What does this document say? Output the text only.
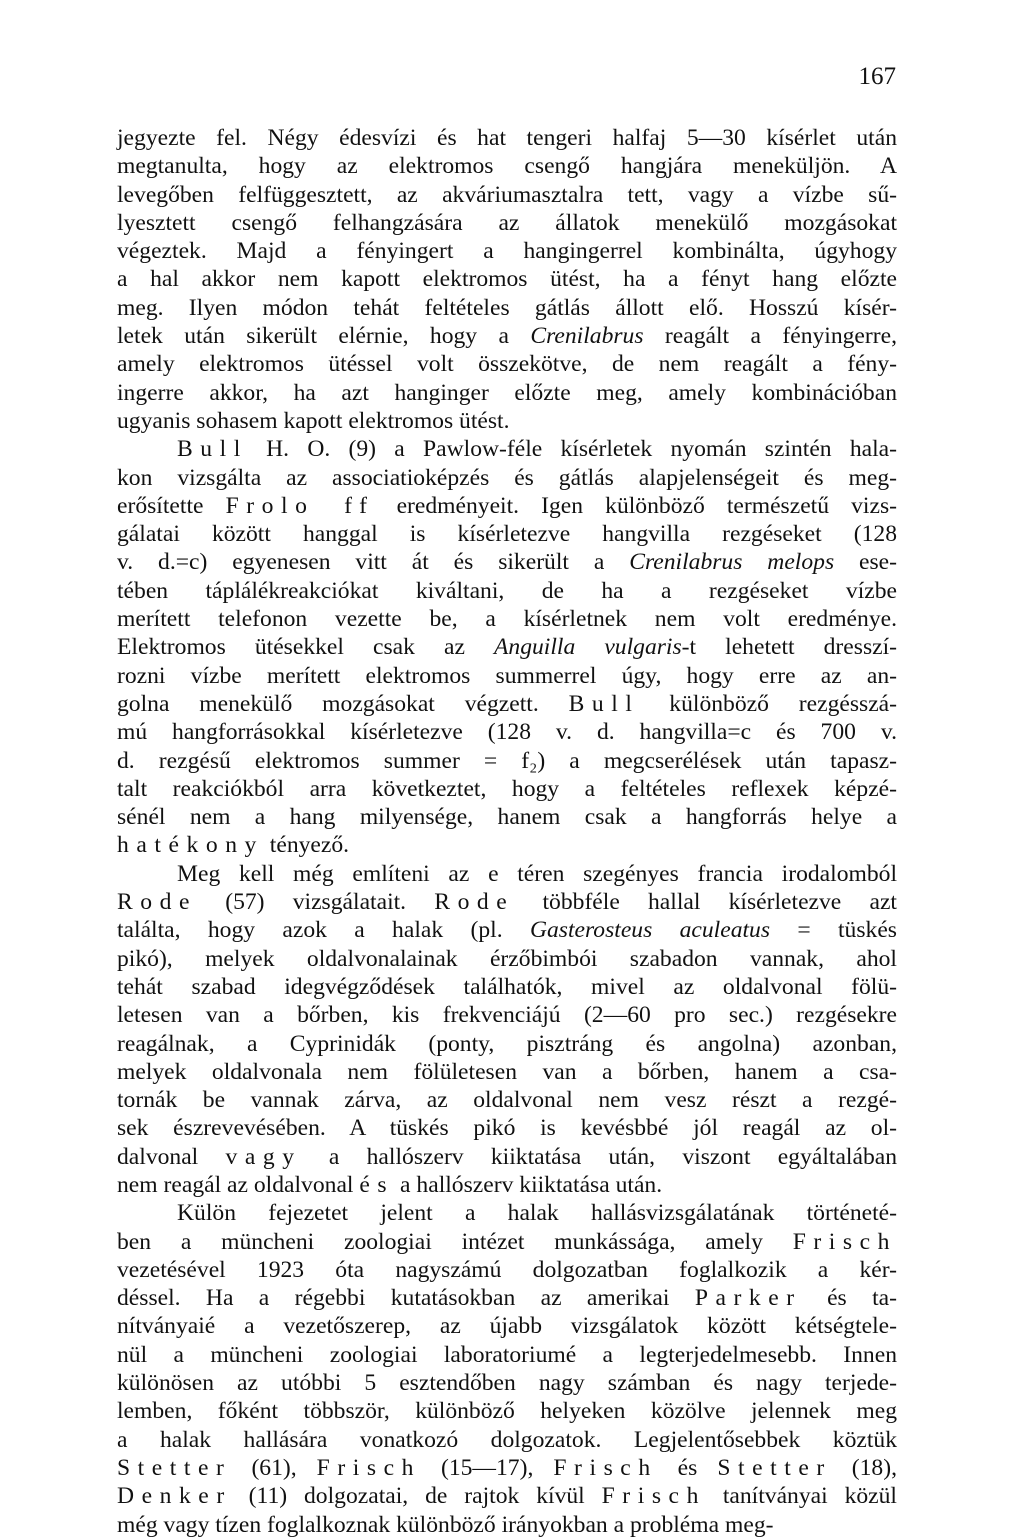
167
jegyezte fel. Négy édesvízi és hat tengeri halfaj 5—30 kísérlet után
megtanulta, hogy az elektromos csengő hangjára meneküljön. A
levegőben felfüggesztett, az akváriumasztalra tett, vagy a vízbe sű-
lyesztett csengő felhangzására az állatok menekülő mozgásokat
végeztek. Majd a fényingert a hangingerrel kombinálta, úgyhogy
a hal akkor nem kapott elektromos ütést, ha a fényt hang előzte
meg. Ilyen módon tehát feltételes gátlás állott elő. Hosszú kísér-
letek után sikerült elérnie, hogy a Crenilabrus reagált a fényingerre,
amely elektromos ütéssel volt összekötve, de nem reagált a fény-
ingerre akkor, ha azt hanginger előzte meg, amely kombinációban
ugyanis sohasem kapott elektromos ütést.
Bull H. O. (9) a Pawlow-féle kísérletek nyomán szintén hala-
kon vizsgálta az associatioképzés és gátlás alapjelenségeit és meg-
erősítette Frolo ff eredményeit. Igen különböző természetű vizs-
gálatai között hanggal is kísérletezve hangvilla rezgéseket (128
v. d.=c) egyenesen vitt át és sikerült a Crenilabrus melops ese-
tében táplálékreakciókat kiváltani, de ha a rezgéseket vízbe
merített telefonon vezette be, a kísérletnek nem volt eredménye.
Elektromos ütésekkel csak az Anguilla vulgaris-t lehetett dresszí-
rozni vízbe merített elektromos summerrel úgy, hogy erre az an-
golna menekülő mozgásokat végzett. Bull különböző rezgésszá-
mú hangforrásokkal kísérletezve (128 v. d. hangvilla=c és 700 v.
d. rezgésű elektromos summer = f₂) a megcserélések után tapasz-
talt reakciókból arra következtet, hogy a feltételes reflexek képzé-
sénél nem a hang milyensége, hanem csak a hangforrás helye a
hatékony tényező.
Meg kell még említeni az e téren szegényes francia irodalomból
Rode (57) vizsgálatait. Rode többféle hallal kísérletezve azt
találta, hogy azok a halak (pl. Gasterosteus aculeatus = tüskés
pikó), melyek oldalvonalainak érzőbimbói szabadon vannak, ahol
tehát szabad idegvégződések találhatók, mivel az oldalvonal fölü-
letesen van a bőrben, kis frekvenciájú (2—60 pro sec.) rezgésekre
reagálnak, a Cyprinidák (ponty, pisztráng és angolna) azonban,
melyek oldalvonala nem fölületesen van a bőrben, hanem a csa-
tornák be vannak zárva, az oldalvonal nem vesz részt a rezgé-
sek észrevevésében. A tüskés pikó is kevésbbé jól reagál az ol-
dalvonal vagy a hallószerv kiiktatása után, viszont egyáltalában
nem reagál az oldalvonal és a hallószerv kiiktatása után.
Külön fejezetet jelent a halak hallásvizsgálatának történeté-
ben a müncheni zoologiai intézet munkássága, amely Frisch
vezetésével 1923 óta nagyszámú dolgozatban foglalkozik a kér-
déssel. Ha a régebbi kutatásokban az amerikai Parker és ta-
nítványaié a vezetőszerep, az újabb vizsgálatok között kétségtele-
nül a müncheni zoologiai laboratoriumé a legterjedelmesebb. Innen
különösen az utóbbi 5 esztendőben nagy számban és nagy terjede-
lemben, főként többször, különböző helyeken közölve jelennek meg
a halak hallására vonatkozó dolgozatok. Legjelentősebbek köztük
Stetter (61), Frisch (15—17), Frisch és Stetter (18),
Denker (11) dolgozatai, de rajtok kívül Frisch tanítványai közül
még vagy tízen foglalkoznak különböző irányokban a probléma meg-
